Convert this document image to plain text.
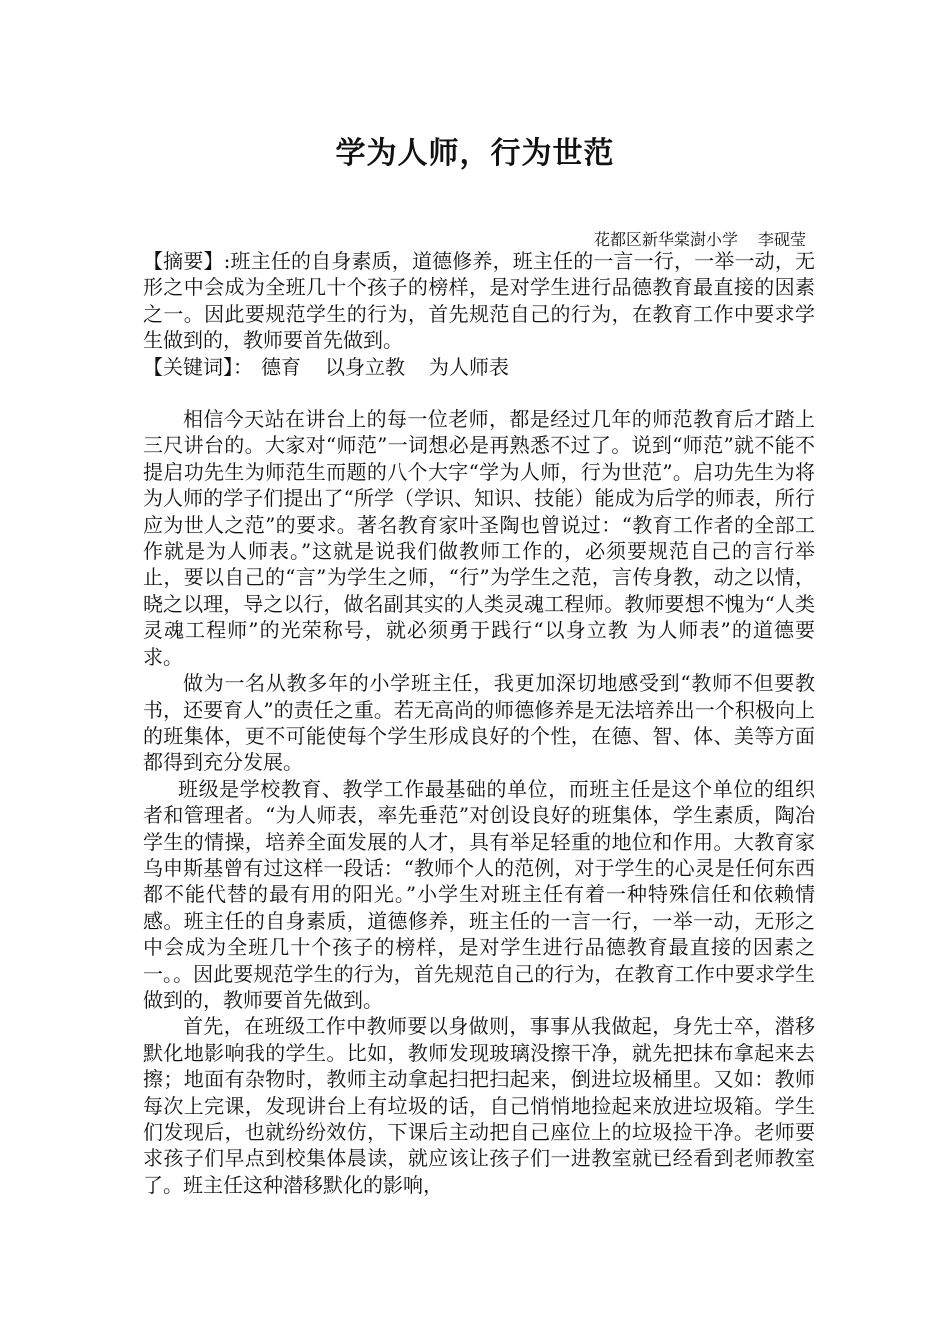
学为人师，行为世范
花都区新华棠澍小学 李砚莹

【摘要】:班主任的自身素质，道德修养，班主任的一言一行，一举一动，无形之中会成为全班几十个孩子的榜样，是对学生进行品德教育最直接的因素之一。因此要规范学生的行为，首先规范自己的行为，在教育工作中要求学生做到的，教师要首先做到。

【关键词】： 德育 以身立教 为人师表

相信今天站在讲台上的每一位老师，都是经过几年的师范教育后才踏上三尺讲台的。大家对“师范”一词想必是再熟悉不过了。说到“师范”就不能不提启功先生为师范生而题的八个大字“学为人师，行为世范”。启功先生为将为人师的学子们提出了“所学（学识、知识、技能）能成为后学的师表，所行应为世人之范”的要求。著名教育家叶圣陶也曾说过：“教育工作者的全部工作就是为人师表。”这就是说我们做教师工作的，必须要规范自己的言行举止，要以自己的“言”为学生之师，“行”为学生之范，言传身教，动之以情，晓之以理，导之以行，做名副其实的人类灵魂工程师。教师要想不愧为“人类灵魂工程师”的光荣称号，就必须勇于践行“以身立教 为人师表”的道德要求。

做为一名从教多年的小学班主任，我更加深切地感受到“教师不但要教书，还要育人”的责任之重。若无高尚的师德修养是无法培养出一个积极向上的班集体，更不可能使每个学生形成良好的个性，在德、智、体、美等方面都得到充分发展。

班级是学校教育、教学工作最基础的单位，而班主任是这个单位的组织者和管理者。“为人师表，率先垂范”对创设良好的班集体，学生素质，陶冶学生的情操，培养全面发展的人才，具有举足轻重的地位和作用。大教育家乌申斯基曾有过这样一段话：“教师个人的范例，对于学生的心灵是任何东西都不能代替的最有用的阳光。”小学生对班主任有着一种特殊信任和依赖情感。班主任的自身素质，道德修养，班主任的一言一行，一举一动，无形之中会成为全班几十个孩子的榜样，是对学生进行品德教育最直接的因素之一。。因此要规范学生的行为，首先规范自己的行为，在教育工作中要求学生做到的，教师要首先做到。

首先，在班级工作中教师要以身做则，事事从我做起，身先士卒，潜移默化地影响我的学生。比如，教师发现玻璃没擦干净，就先把抹布拿起来去擦；地面有杂物时，教师主动拿起扫把扫起来，倒进垃圾桶里。又如：教师每次上完课，发现讲台上有垃圾的话，自己悄悄地捡起来放进垃圾箱。学生们发现后，也就纷纷效仿，下课后主动把自己座位上的垃圾捡干净。老师要求孩子们早点到校集体晨读，就应该让孩子们一进教室就已经看到老师教室了。班主任这种潜移默化的影响，
